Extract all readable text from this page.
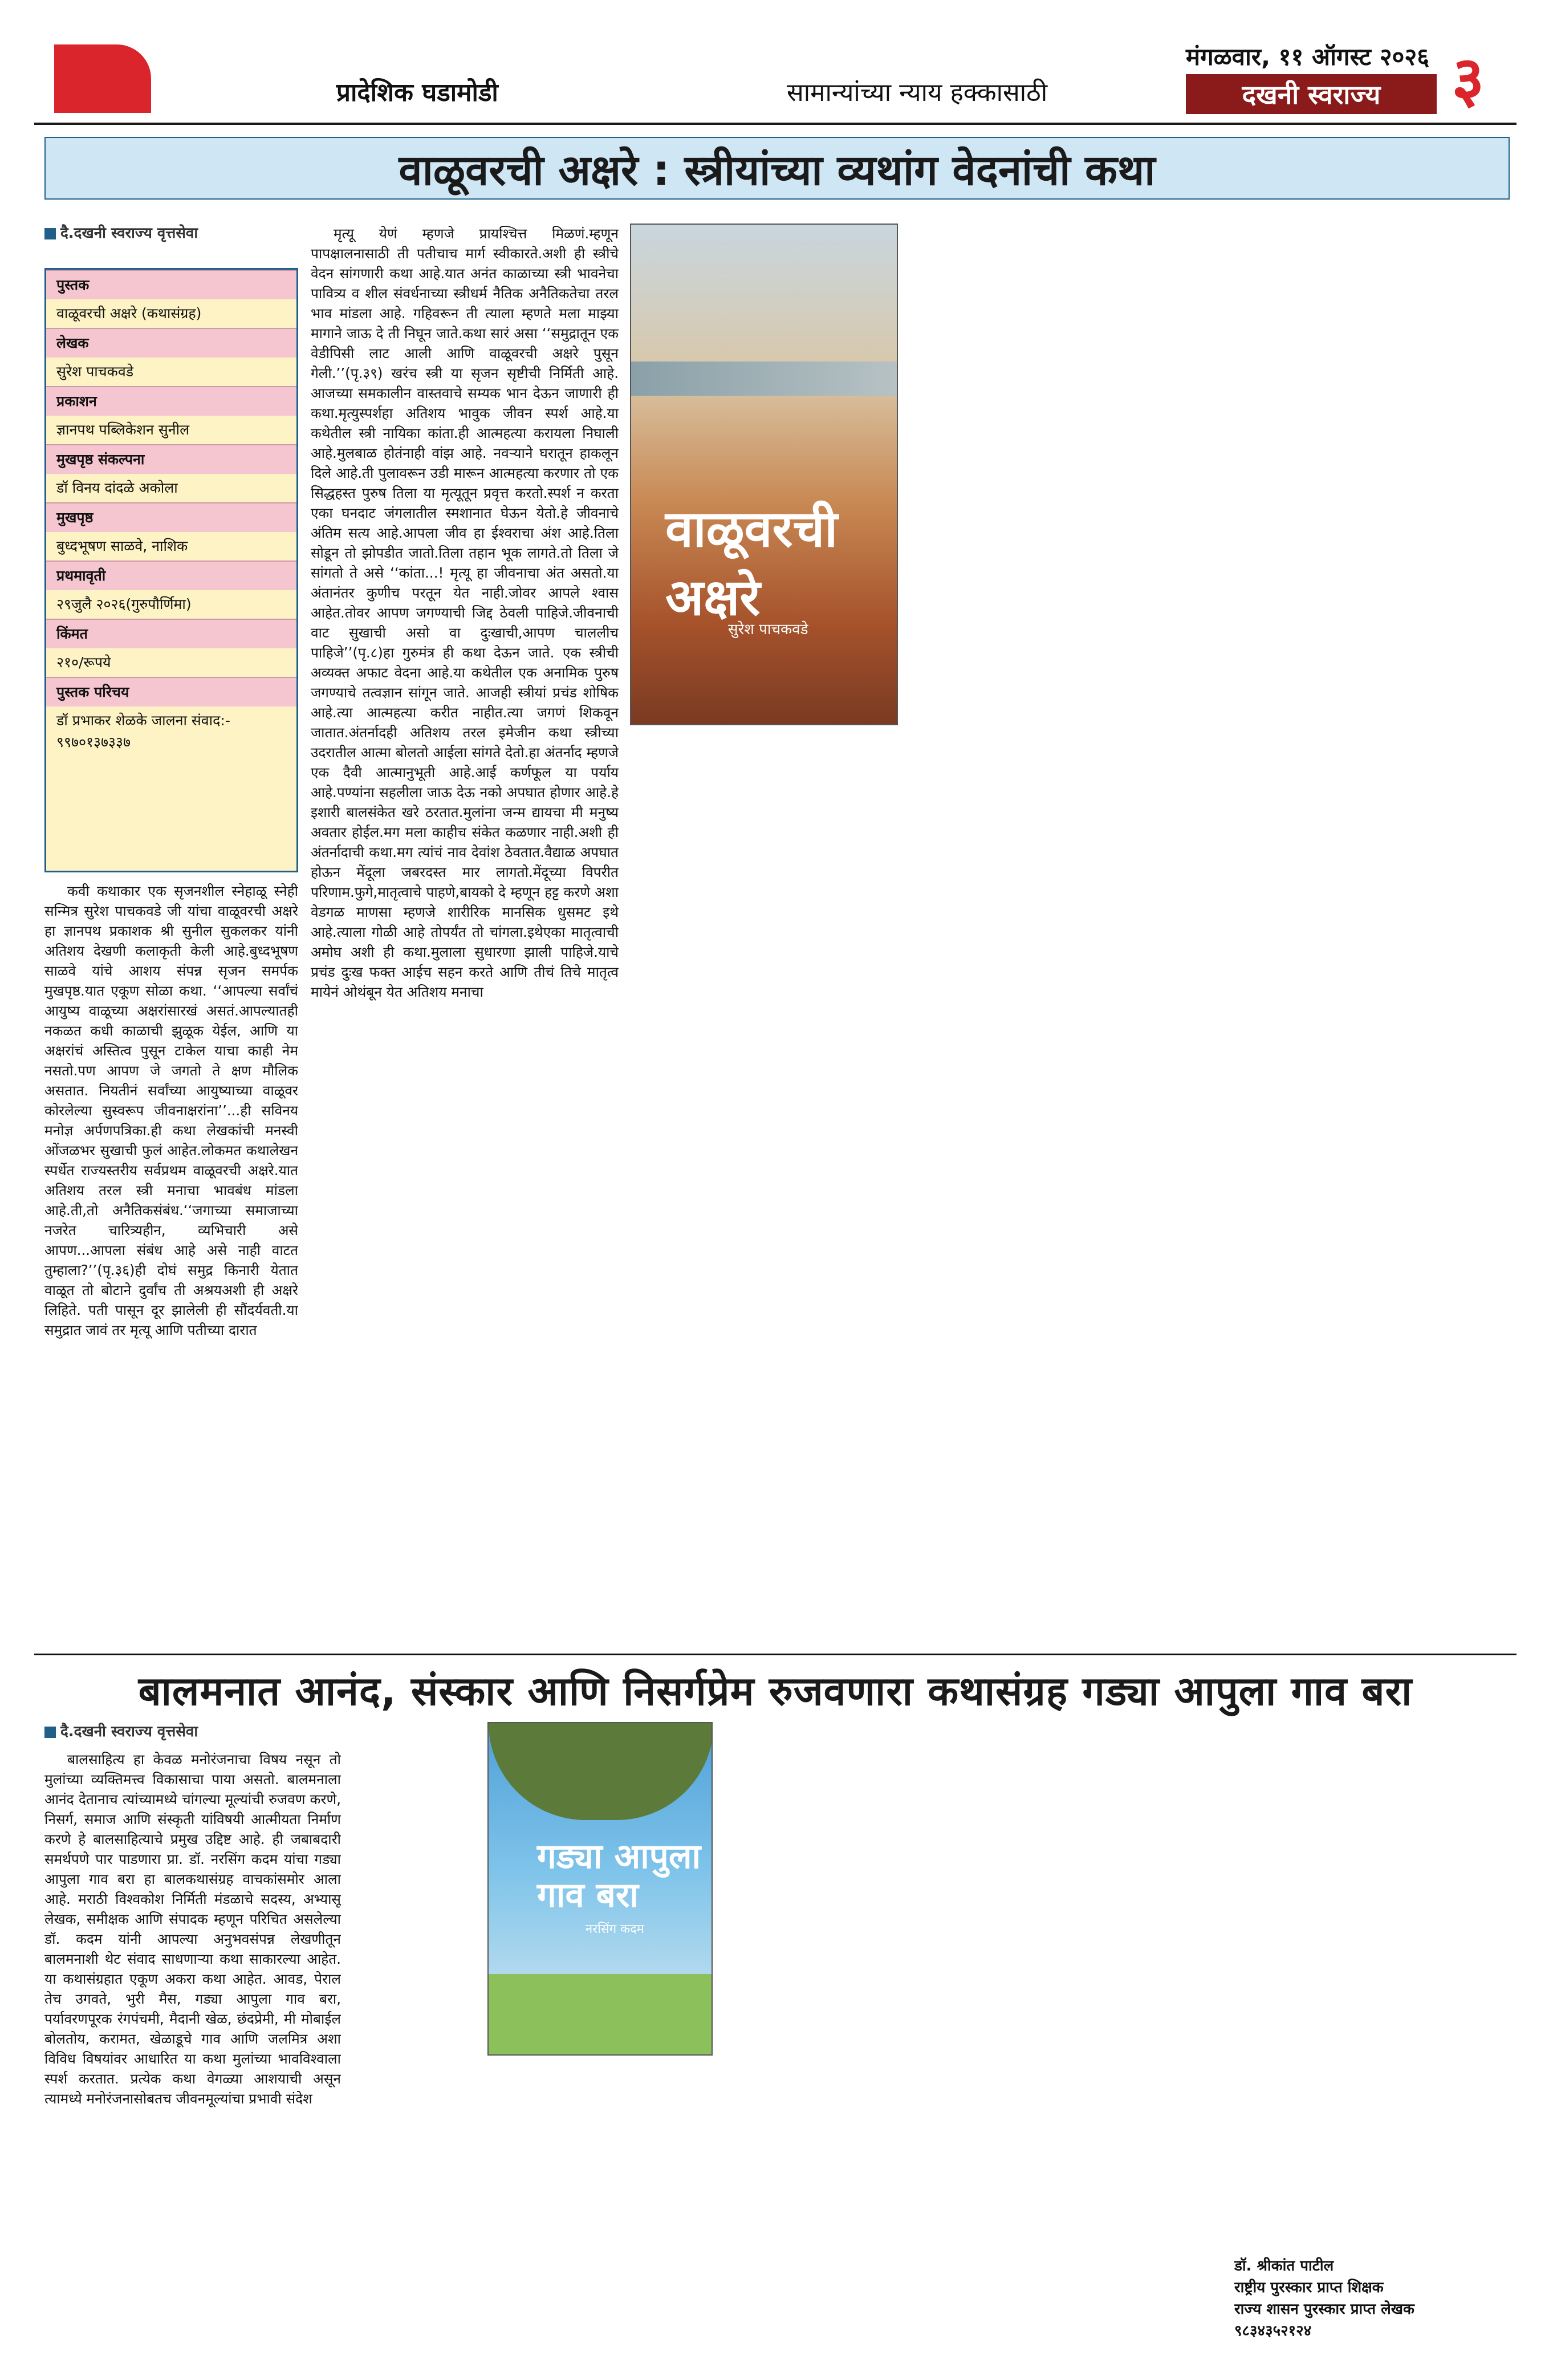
प्रादेशिक घडामोडी	सामान्यांच्या न्याय हक्कासाठी
मंगळवार, ११ ऑगस्ट २०२६
दखनी स्वराज्य	३
वाळूवरची अक्षरे : स्त्रीयांच्या व्यथांग वेदनांची कथा
दै.दखनी स्वराज्य वृत्तसेवा
पुस्तक
वाळूवरची अक्षरे (कथासंग्रह)
लेखक
सुरेश पाचकवडे
प्रकाशन
ज्ञानपथ पब्लिकेशन सुनील
मुखपृष्ठ संकल्पना
डॉ विनय दांदळे अकोला
मुखपृष्ठ
बुध्दभूषण साळवे, नाशिक
प्रथमावृती
२९जुलै २०२६(गुरुपौर्णिमा)
किंमत
२१०/रूपये
पुस्तक परिचय
डॉ प्रभाकर शेळके जालना संवाद:- ९९७०१३७३३७

कवी कथाकार एक सृजनशील स्नेहाळू स्नेही सन्मित्र सुरेश पाचकवडे जी यांचा वाळूवरची अक्षरे हा ज्ञानपथ प्रकाशक श्री सुनील सुकलकर यांनी अतिशय देखणी कलाकृती केली आहे.बुध्दभूषण साळवे यांचे आशय संपन्न सृजन समर्पक मुखपृष्ठ.यात एकूण सोळा कथा. ‘‘आपल्या सर्वांचं आयुष्य वाळूच्या अक्षरांसारखं असतं.आपल्यातही नकळत कधी काळाची झुळूक येईल, आणि या अक्षरांचं अस्तित्व पुसून टाकेल याचा काही नेम नसतो.पण आपण जे जगतो ते क्षण मौलिक असतात. नियतीनं सर्वांच्या आयुष्याच्या वाळूवर कोरलेल्या सुस्वरूप जीवनाक्षरांना’’...ही सविनय मनोज्ञ अर्पणपत्रिका.ही कथा लेखकांची मनस्वी ओंजळभर सुखाची फुलं आहेत.लोकमत कथालेखन स्पर्धेत राज्यस्तरीय सर्वप्रथम वाळूवरची अक्षरे.यात अतिशय तरल स्त्री मनाचा भावबंध मांडला आहे.ती,तो अनैतिकसंबंध.‘‘जगाच्या समाजाच्या नजरेत चारित्र्यहीन, व्यभिचारी असे आपण...आपला संबंध आहे असे नाही वाटत तुम्हाला?’’(पृ.३६)ही दोघं समुद्र किनारी येतात वाळूत तो बोटाने दुर्वांच ती अश्रयअशी ही अक्षरे लिहिते. पती पासून दूर झालेली ही सौंदर्यवती.या समुद्रात जावं तर मृत्यू आणि पतीच्या दारात

मृत्यू येणं म्हणजे प्रायश्चित्त मिळणं.म्हणून पापक्षालनासाठी ती पतीचाच मार्ग स्वीकारते.अशी ही स्त्रीचे वेदन सांगणारी कथा आहे.यात अनंत काळाच्या स्त्री भावनेचा पावित्र्य व शील संवर्धनाच्या स्त्रीधर्म नैतिक अनैतिकतेचा तरल भाव मांडला आहे. गहिवरून ती त्याला म्हणते मला माझ्या मागाने जाऊ दे ती निघून जाते.कथा सारं असा ‘‘समुद्रातून एक वेडीपिसी लाट आली आणि वाळूवरची अक्षरे पुसून गेली.’’(पृ.३९) खरंच स्त्री या सृजन सृष्टीची निर्मिती आहे. आजच्या समकालीन वास्तवाचे सम्यक भान देऊन जाणारी ही कथा.मृत्युस्पर्शहा अतिशय भावुक जीवन स्पर्श आहे.या कथेतील स्त्री नायिका कांता.ही आत्महत्या करायला निघाली आहे.मुलबाळ होतंनाही वांझ आहे. नवऱ्याने घरातून हाकलून दिले आहे.ती पुलावरून उडी मारून आत्महत्या करणार तो एक सिद्धहस्त पुरुष तिला या मृत्यूतून प्रवृत्त करतो.स्पर्श न करता एका घनदाट जंगलातील स्मशानात घेऊन येतो.हे जीवनाचे अंतिम सत्य आहे.आपला जीव हा ईश्वराचा अंश आहे.तिला सोडून तो झोपडीत जातो.तिला तहान भूक लागते.तो तिला जे सांगतो ते असे ‘‘कांता...! मृत्यू हा जीवनाचा अंत असतो.या अंतानंतर कुणीच परतून येत नाही.जोवर आपले श्वास आहेत.तोवर आपण जगण्याची जिद्द ठेवली पाहिजे.जीवनाची वाट सुखाची असो वा दुःखाची,आपण चाललीच पाहिजे’’(पृ.८)हा गुरुमंत्र ही कथा देऊन जाते. एक स्त्रीची अव्यक्त अफाट वेदना आहे.या कथेतील एक अनामिक पुरुष जगण्याचे तत्वज्ञान सांगून जाते. आजही स्त्रीयां प्रचंड शोषिक आहे.त्या आत्महत्या करीत नाहीत.त्या जगणं शिकवून जातात.अंतर्नादही अतिशय तरल इमेजीन कथा स्त्रीच्या उदरातील आत्मा बोलतो आईला सांगते देतो.हा अंतर्नाद म्हणजे एक दैवी आत्मानुभूती आहे.आई कर्णफूल या पर्याय आहे.पण्यांना सहलीला जाऊ देऊ नको अपघात होणार आहे.हे इशारी बालसंकेत खरे ठरतात.मुलांना जन्म द्यायचा मी मनुष्य अवतार होईल.मग मला काहीच संकेत कळणार नाही.अशी ही अंतर्नादाची कथा.मग त्यांचं नाव देवांश ठेवतात.वैद्याळ अपघात होऊन मेंदूला जबरदस्त मार लागतो.मेंदूच्या विपरीत परिणाम.फुगे,मातृत्वाचे पाहणे,बायको दे म्हणून हट्ट करणे अशा वेडगळ माणसा म्हणजे शारीरिक मानसिक धुसमट इथे आहे.त्याला गोळी आहे तोपर्यंत तो चांगला.इथेएका मातृत्वाची अमोघ अशी ही कथा.मुलाला सुधारणा झाली पाहिजे.याचे प्रचंड दुःख फक्त आईच सहन करते आणि तीचं तिचे मातृत्व मायेनं ओथंबून येत अतिशय मनाचा

वाळूवरची अक्षरे
सुरेश पाचकवडे
बालमनात आनंद, संस्कार आणि निसर्गप्रेम रुजवणारा कथासंग्रह गड्या आपुला गाव बरा
दै.दखनी स्वराज्य वृत्तसेवा

बालसाहित्य हा केवळ मनोरंजनाचा विषय नसून तो मुलांच्या व्यक्तिमत्त्व विकासाचा पाया असतो. बालमनाला आनंद देतानाच त्यांच्यामध्ये चांगल्या मूल्यांची रुजवण करणे, निसर्ग, समाज आणि संस्कृती यांविषयी आत्मीयता निर्माण करणे हे बालसाहित्याचे प्रमुख उद्दिष्ट आहे. ही जबाबदारी समर्थपणे पार पाडणारा प्रा. डॉ. नरसिंग कदम यांचा गड्या आपुला गाव बरा हा बालकथासंग्रह वाचकांसमोर आला आहे. मराठी विश्वकोश निर्मिती मंडळाचे सदस्य, अभ्यासू लेखक, समीक्षक आणि संपादक म्हणून परिचित असलेल्या डॉ. कदम यांनी आपल्या अनुभवसंपन्न लेखणीतून बालमनाशी थेट संवाद साधणाऱ्या कथा साकारल्या आहेत. या कथासंग्रहात एकूण अकरा कथा आहेत. आवड, पेराल तेच उगवते, भुरी मैस, गड्या आपुला गाव बरा, पर्यावरणपूरक रंगपंचमी, मैदानी खेळ, छंदप्रेमी, मी मोबाईल बोलतोय, करामत, खेळाडूचे गाव आणि जलमित्र अशा विविध विषयांवर आधारित या कथा मुलांच्या भावविश्वाला स्पर्श करतात. प्रत्येक कथा वेगळ्या आशयाची असून त्यामध्ये मनोरंजनासोबतच जीवनमूल्यांचा प्रभावी संदेश

गड्या आपुला गाव बरा
नरसिंग कदम
डॉ. श्रीकांत पाटील
राष्ट्रीय पुरस्कार प्राप्त शिक्षक
राज्य शासन पुरस्कार प्राप्त लेखक
९८३४३५२१२४
